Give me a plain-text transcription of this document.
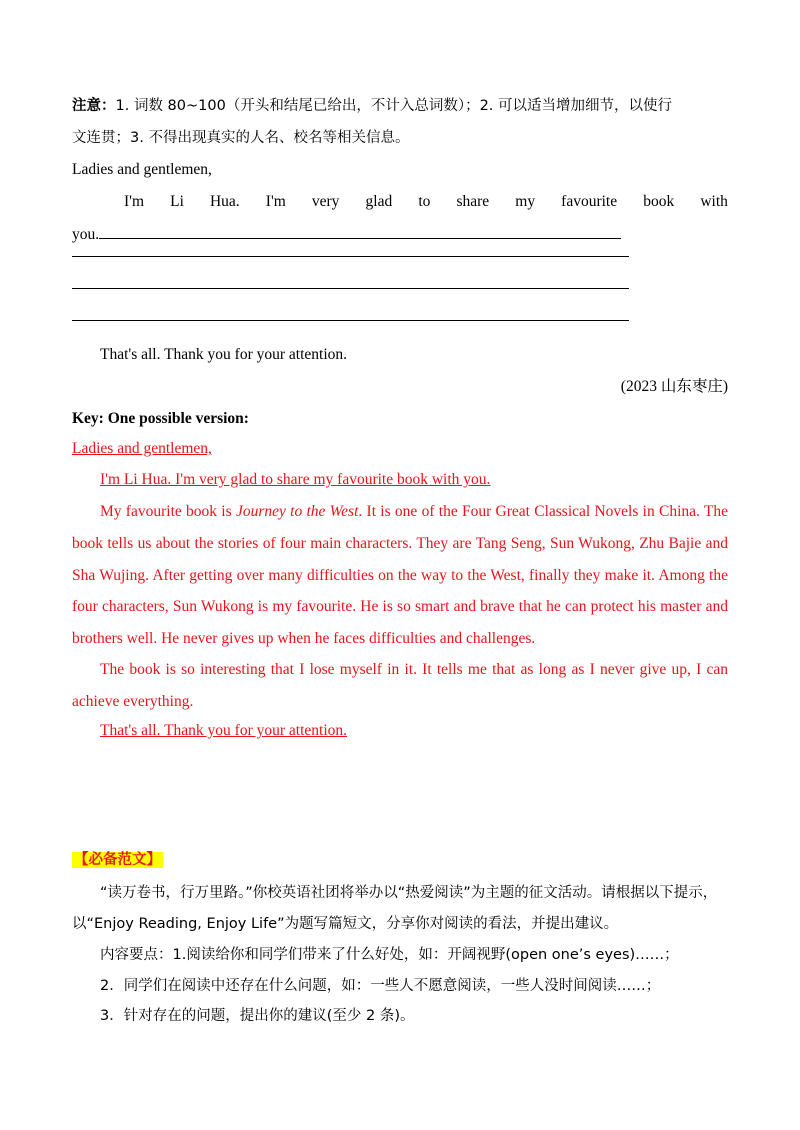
注意：1. 词数 80~100（开头和结尾已给出，不计入总词数）；2. 可以适当增加细节，以使行
文连贯；3. 不得出现真实的人名、校名等相关信息。
Ladies and gentlemen,
I'm Li Hua. I'm very glad to share my favourite book with
you.
That's all. Thank you for your attention.
(2023 山东枣庄)
Key: One possible version:
Ladies and gentlemen,
I'm Li Hua. I'm very glad to share my favourite book with you.
My favourite book is Journey to the West. It is one of the Four Great Classical Novels in China. The book tells us about the stories of four main characters. They are Tang Seng, Sun Wukong, Zhu Bajie and Sha Wujing. After getting over many difficulties on the way to the West, finally they make it. Among the four characters, Sun Wukong is my favourite. He is so smart and brave that he can protect his master and brothers well. He never gives up when he faces difficulties and challenges.
The book is so interesting that I lose myself in it. It tells me that as long as I never give up, I can achieve everything.
That's all. Thank you for your attention.
【必备范文】
“读万卷书，行万里路。”你校英语社团将举办以“热爱阅读”为主题的征文活动。请根据以下提示，
以“Enjoy Reading, Enjoy Life”为题写篇短文，分享你对阅读的看法，并提出建议。
内容要点：1.阅读给你和同学们带来了什么好处，如：开阔视野(open one’s eyes)……；
2．同学们在阅读中还存在什么问题，如：一些人不愿意阅读，一些人没时间阅读……；
3．针对存在的问题，提出你的建议(至少 2 条)。
